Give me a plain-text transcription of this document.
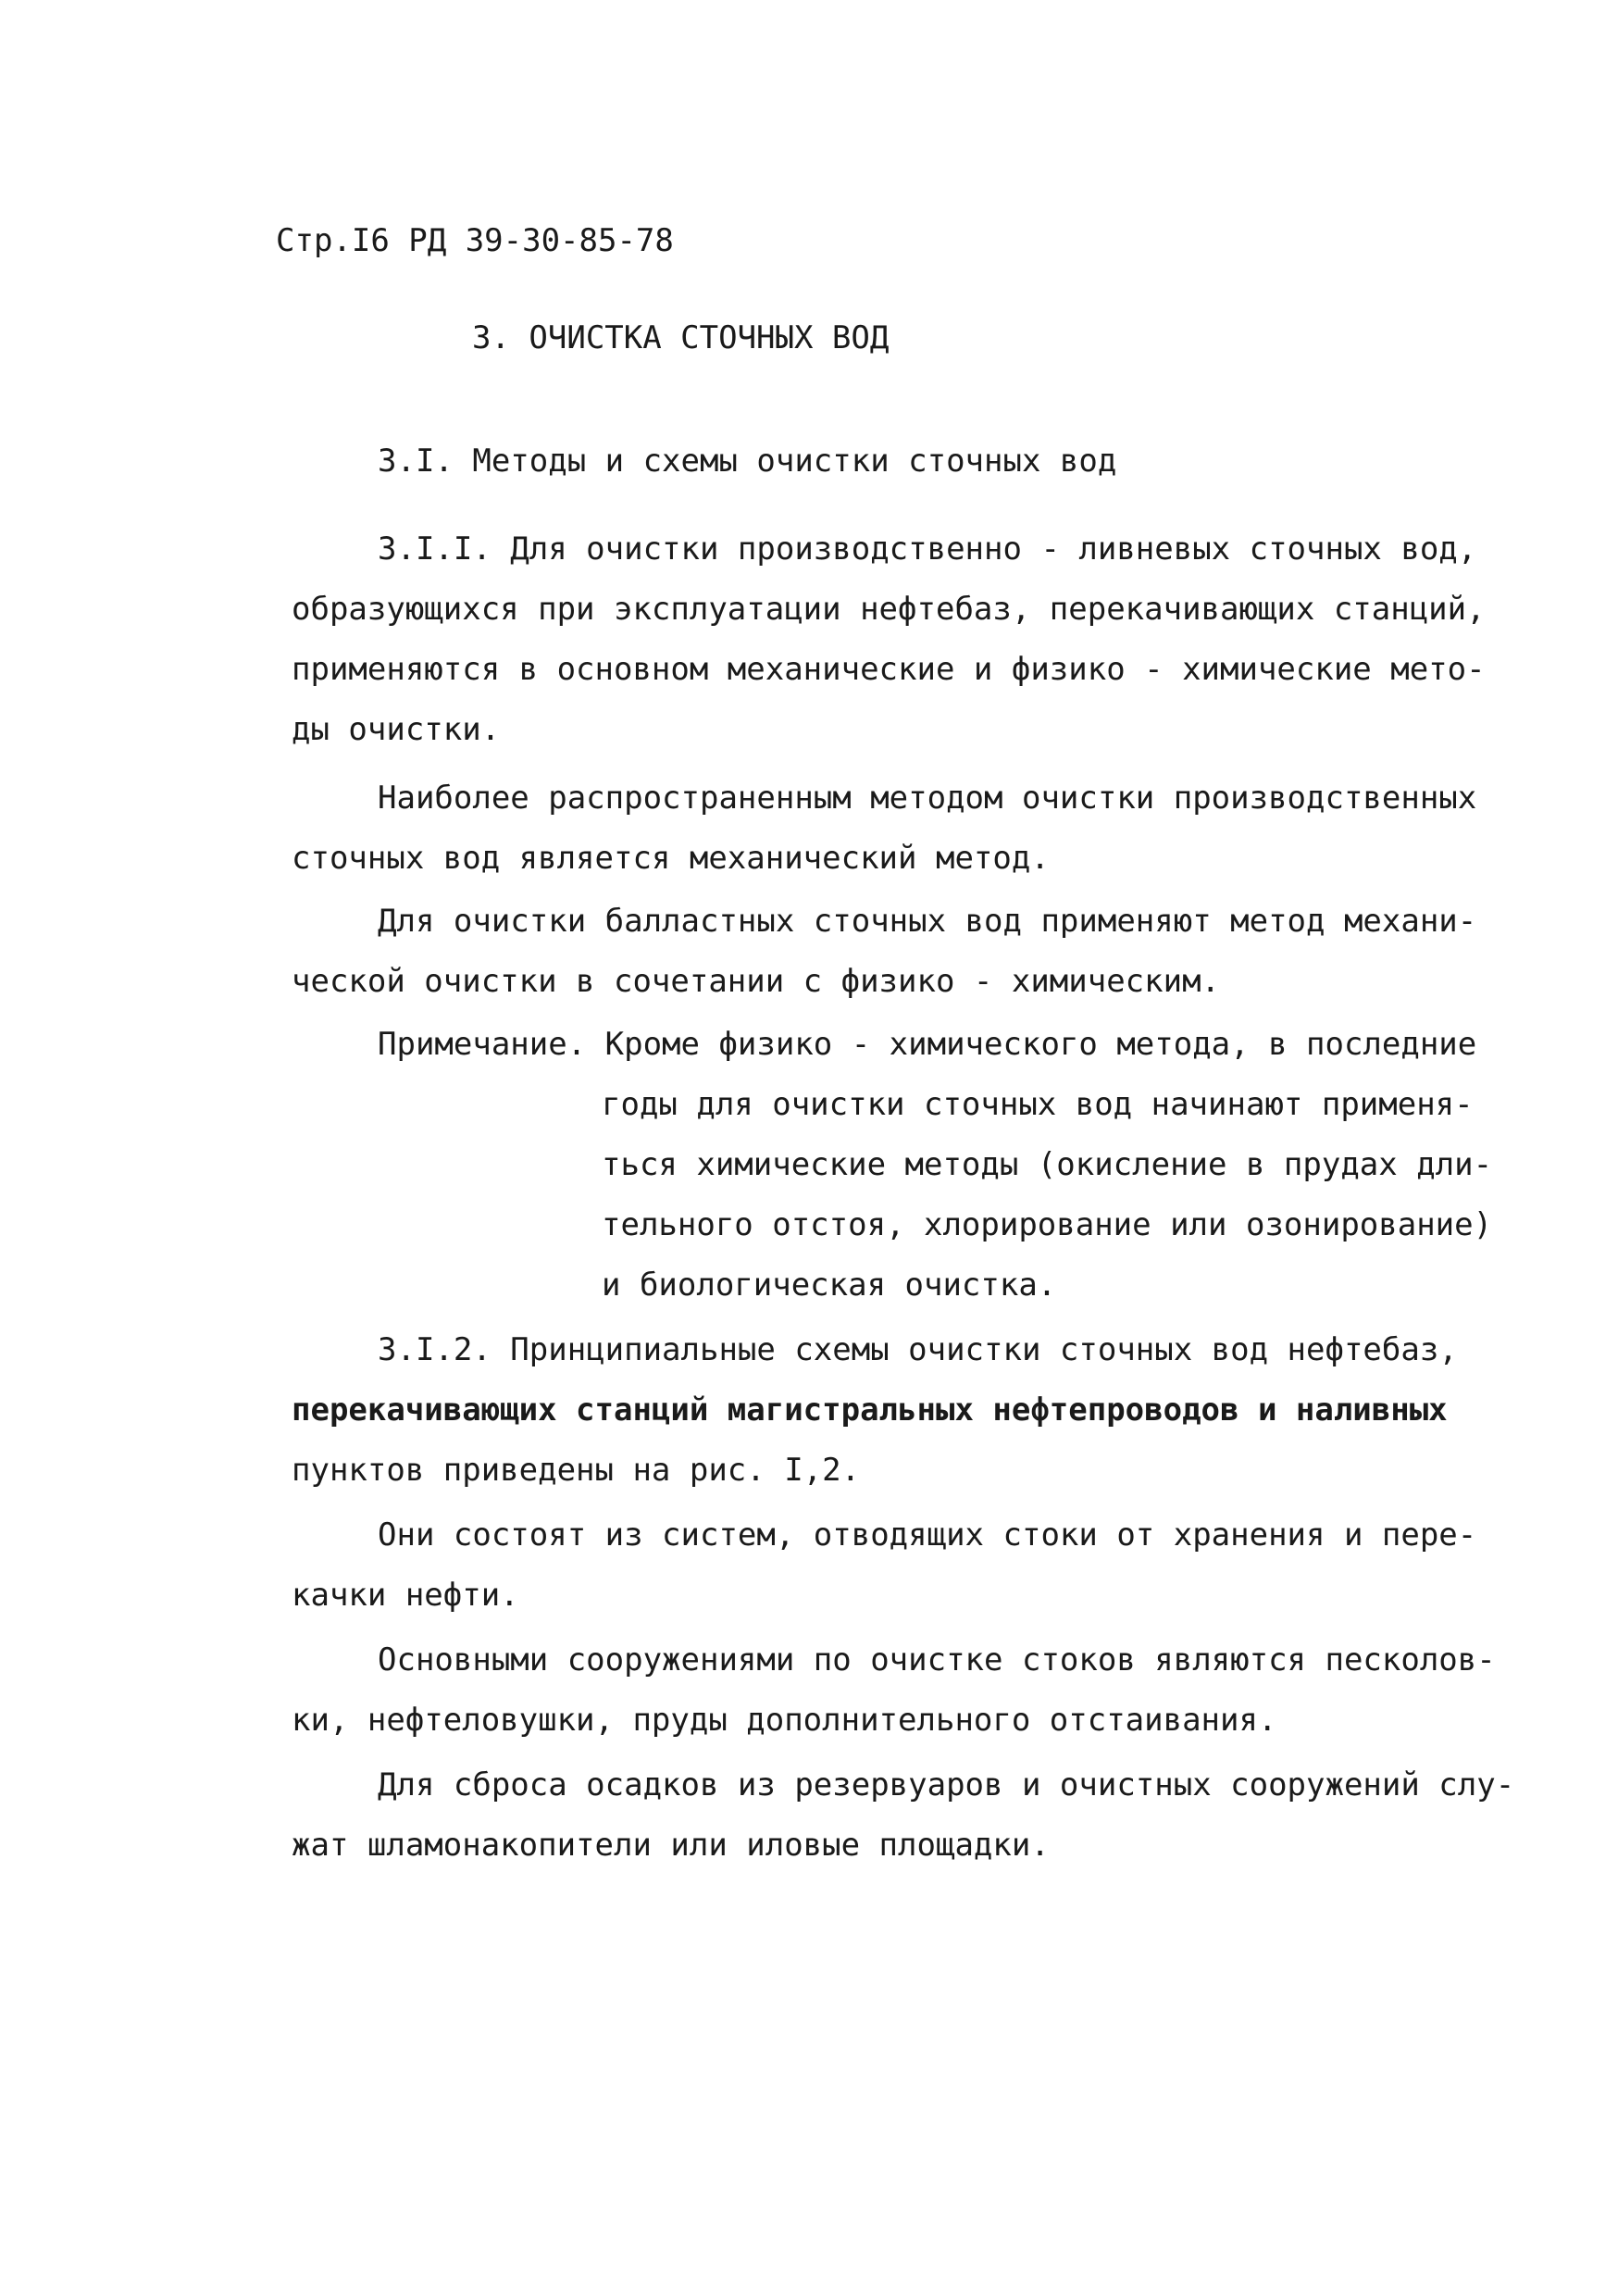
Стр.I6 РД 39-30-85-78
3. ОЧИСТКА СТОЧНЫХ ВОД
3.I. Методы и схемы очистки сточных вод
3.I.I. Для очистки производственно - ливневых сточных вод,
образующихся при эксплуатации нефтебаз, перекачивающих станций,
применяются в основном механические и физико - химические мето-
ды очистки.
Наиболее распространенным методом очистки производственных
сточных вод является механический метод.
Для очистки балластных сточных вод применяют метод механи-
ческой очистки в сочетании с физико - химическим.
Примечание. Кроме физико - химического метода, в последние
годы для очистки сточных вод начинают применя-
ться химические методы (окисление в прудах дли-
тельного отстоя, хлорирование или озонирование)
и биологическая очистка.
3.I.2. Принципиальные схемы очистки сточных вод нефтебаз,
перекачивающих станций магистральных нефтепроводов и наливных
пунктов приведены на рис. I,2.
Они состоят из систем, отводящих стоки от хранения и пере-
качки нефти.
Основными сооружениями по очистке стоков являются песколов-
ки, нефтеловушки, пруды дополнительного отстаивания.
Для сброса осадков из резервуаров и очистных сооружений слу-
жат шламонакопители или иловые площадки.
